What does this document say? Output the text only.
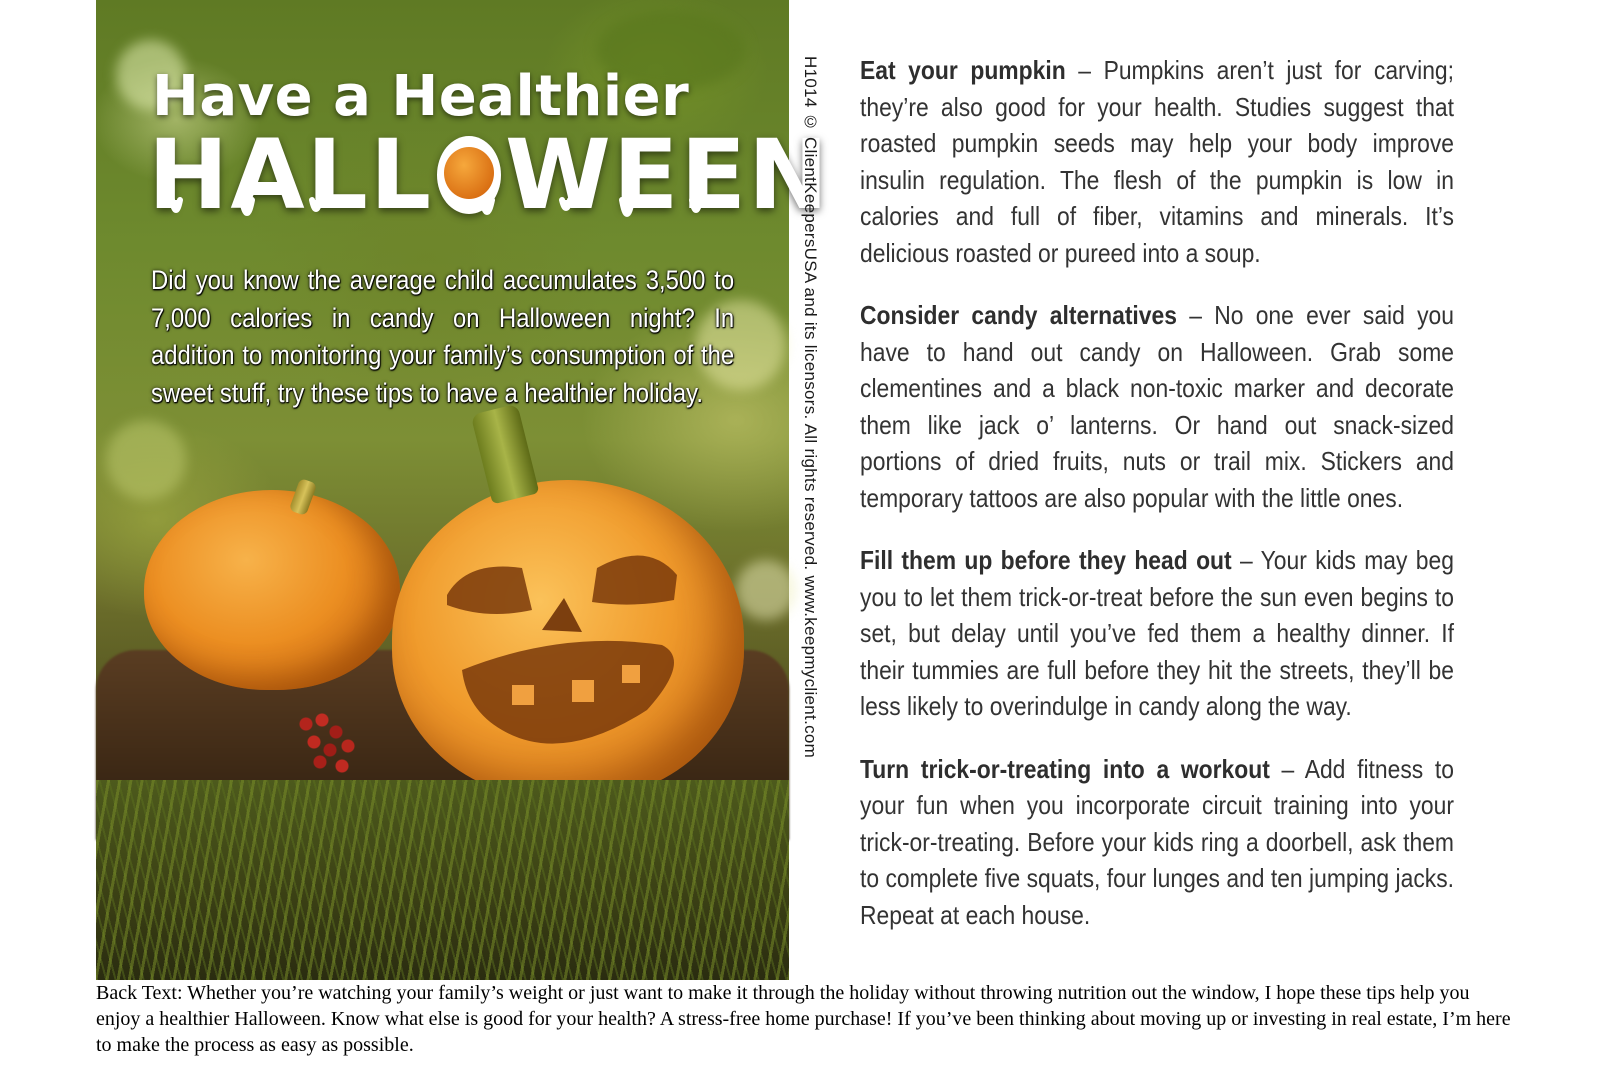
Have a Healthier
HALL WEEN
Did you know the average child accumulates 3,500 to 7,000 calories in candy on Halloween night? In addition to monitoring your family’s consumption of the sweet stuff, try these tips to have a healthier holiday.	H1014 © ClientKeepersUSA and its licensors. All rights reserved. www.keepmyclient.com Eat your pumpkin – Pumpkins aren’t just for carving; they’re also good for your health. Studies suggest that roasted pumpkin seeds may help your body improve insulin regulation. The flesh of the pumpkin is low in calories and full of fiber, vitamins and minerals. It’s delicious roasted or pureed into a soup.

Consider candy alternatives – No one ever said you have to hand out candy on Halloween. Grab some clementines and a black non-toxic marker and decorate them like jack o’ lanterns. Or hand out snack-sized portions of dried fruits, nuts or trail mix. Stickers and temporary tattoos are also popular with the little ones.

Fill them up before they head out – Your kids may beg you to let them trick-or-treat before the sun even begins to set, but delay until you’ve fed them a healthy dinner. If their tummies are full before they hit the streets, they’ll be less likely to overindulge in candy along the way.

Turn trick-or-treating into a workout – Add fitness to your fun when you incorporate circuit training into your trick-or-treating. Before your kids ring a doorbell, ask them to complete five squats, four lunges and ten jumping jacks. Repeat at each house.

Back Text: Whether you’re watching your family’s weight or just want to make it through the holiday without throwing nutrition out the window, I hope these tips help you enjoy a healthier Halloween. Know what else is good for your health? A stress-free home purchase! If you’ve been thinking about moving up or investing in real estate, I’m here to make the process as easy as possible.
